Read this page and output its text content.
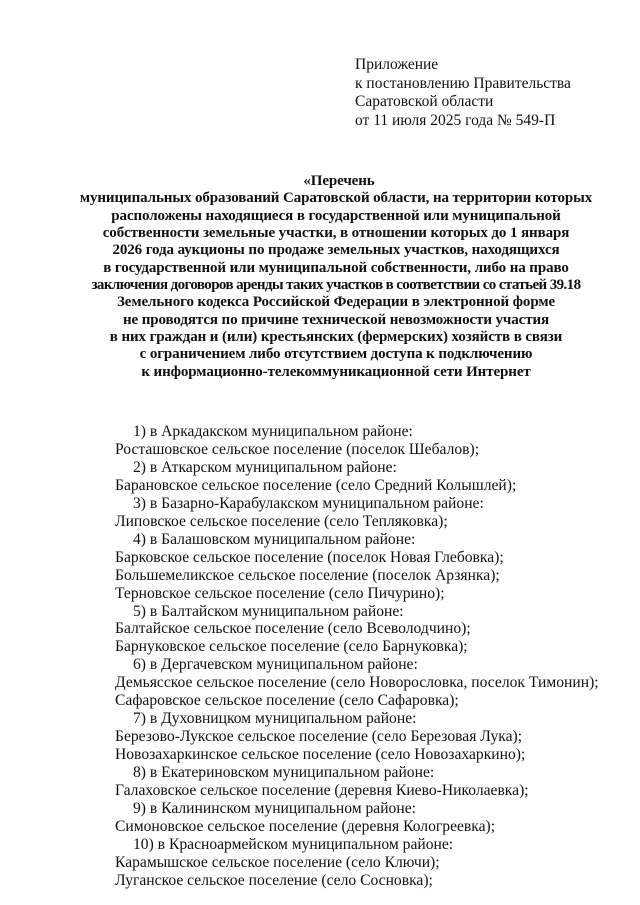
Приложение
к постановлению Правительства
Саратовской области
от 11 июля 2025 года № 549-П
«Перечень
муниципальных образований Саратовской области, на территории которых
расположены находящиеся в государственной или муниципальной
собственности земельные участки, в отношении которых до 1 января
2026 года аукционы по продаже земельных участков, находящихся
в государственной или муниципальной собственности, либо на право
заключения договоров аренды таких участков в соответствии со статьей 39.18
Земельного кодекса Российской Федерации в электронной форме
не проводятся по причине технической невозможности участия
в них граждан и (или) крестьянских (фермерских) хозяйств в связи
с ограничением либо отсутствием доступа к подключению
к информационно-телекоммуникационной сети Интернет
1) в Аркадакском муниципальном районе:
Росташовское сельское поселение (поселок Шебалов);
2) в Аткарском муниципальном районе:
Барановское сельское поселение (село Средний Колышлей);
3) в Базарно-Карабулакском муниципальном районе:
Липовское сельское поселение (село Тепляковка);
4) в Балашовском муниципальном районе:
Барковское сельское поселение (поселок Новая Глебовка);
Большемеликское сельское поселение (поселок Арзянка);
Терновское сельское поселение (село Пичурино);
5) в Балтайском муниципальном районе:
Балтайское сельское поселение (село Всеволодчино);
Барнуковское сельское поселение (село Барнуковка);
6) в Дергачевском муниципальном районе:
Демьясское сельское поселение (село Новорословка, поселок Тимонин);
Сафаровское сельское поселение (село Сафаровка);
7) в Духовницком муниципальном районе:
Березово-Лукское сельское поселение (село Березовая Лука);
Новозахаркинское сельское поселение (село Новозахаркино);
8) в Екатериновском муниципальном районе:
Галаховское сельское поселение (деревня Киево-Николаевка);
9) в Калининском муниципальном районе:
Симоновское сельское поселение (деревня Кологреевка);
10) в Красноармейском муниципальном районе:
Карамышское сельское поселение (село Ключи);
Луганское сельское поселение (село Сосновка);
